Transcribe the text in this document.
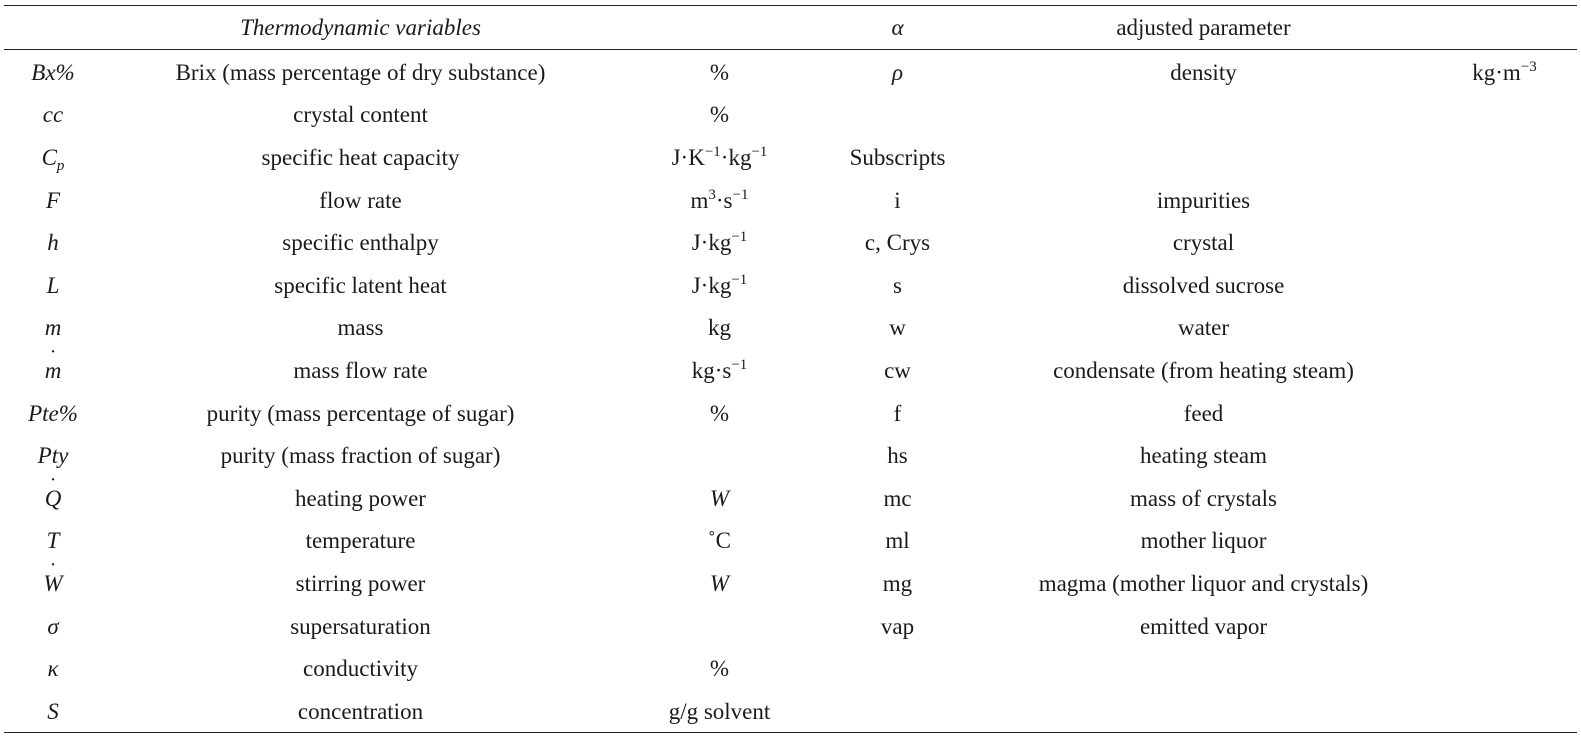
	Thermodynamic variables		α	adjusted parameter	
Bx%	Brix (mass percentage of dry substance)	%	ρ	density	$kg\cdot m^{-3}$
cc	crystal content	%			
$C_p$	specific heat capacity	$J\cdot K^{-1}\cdot kg^{-1}$	Subscripts		
F	flow rate	$m^3\cdot s^{-1}$	i	impurities	
h	specific enthalpy	$J\cdot kg^{-1}$	c, Crys	crystal	
L	specific latent heat	$J\cdot kg^{-1}$	s	dissolved sucrose	
m	mass	kg	w	water	
˙ m	mass flow rate	$kg\cdot s^{-1}$	cw	condensate (from heating steam)	
Pte%	purity (mass percentage of sugar)	%	f	feed	
Pty	purity (mass fraction of sugar)		hs	heating steam	
˙ Q	heating power	W	mc	mass of crystals	
T	temperature	˚C	ml	mother liquor	
˙ W	stirring power	W	mg	magma (mother liquor and crystals)	
σ	supersaturation		vap	emitted vapor	
κ	conductivity	%			
S	concentration	g/g solvent			
